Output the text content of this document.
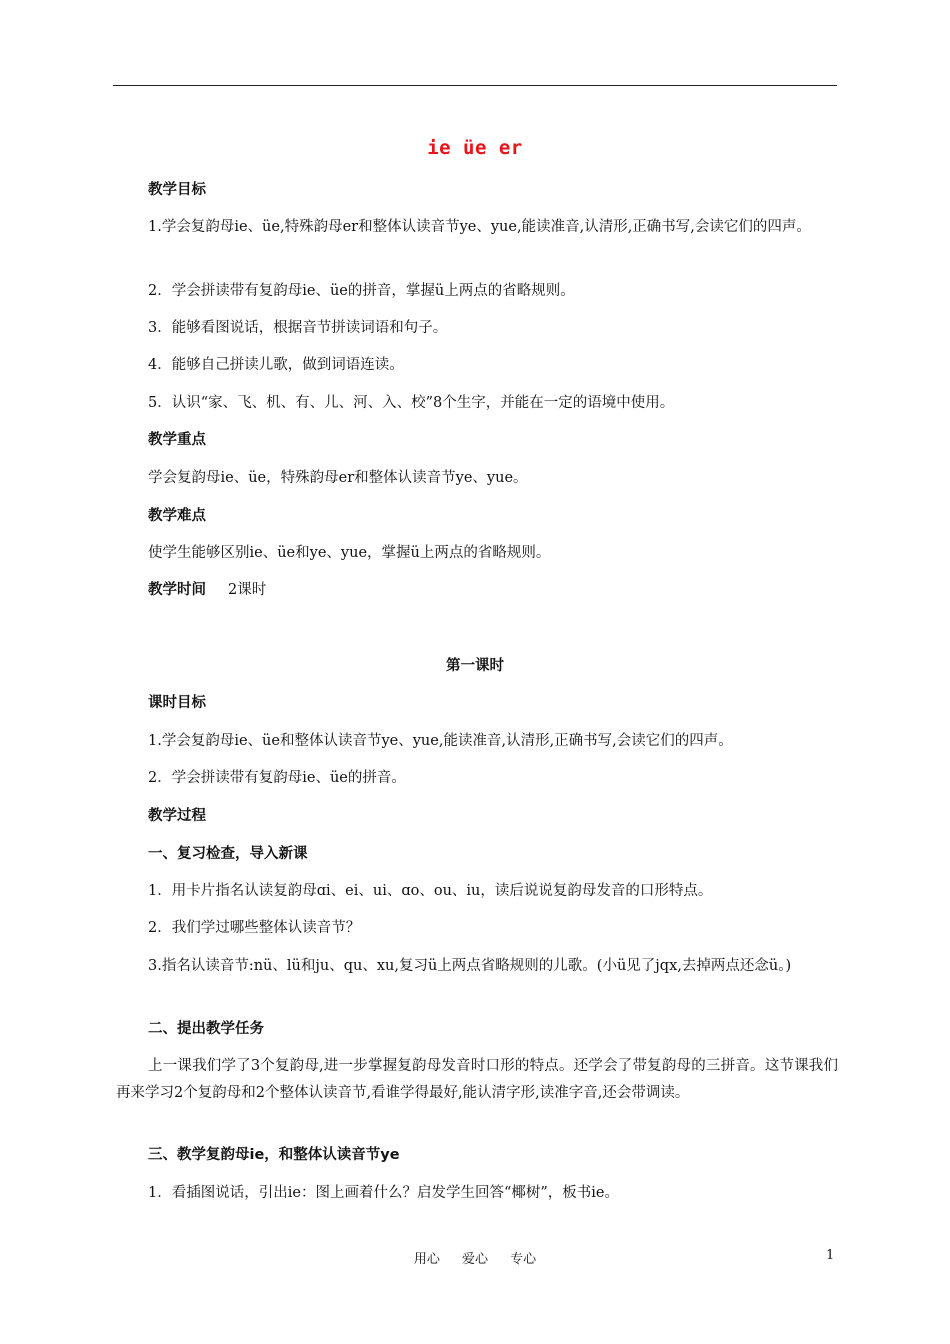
ie üe er
教学目标
1.学会复韵母ie、üe,特殊韵母er和整体认读音节ye、yue,能读准音,认清形,正确书写,会读它们的四声。
2．学会拼读带有复韵母ie、üe的拼音，掌握ü上两点的省略规则。
3．能够看图说话，根据音节拼读词语和句子。
4．能够自己拼读儿歌，做到词语连读。
5．认识“家、飞、机、有、儿、河、入、校”8个生字，并能在一定的语境中使用。
教学重点
学会复韵母ie、üe，特殊韵母er和整体认读音节ye、yue。
教学难点
使学生能够区别ie、üe和ye、yue，掌握ü上两点的省略规则。
教学时间 2课时
第一课时
课时目标
1.学会复韵母ie、üe和整体认读音节ye、yue,能读准音,认清形,正确书写,会读它们的四声。
2．学会拼读带有复韵母ie、üe的拼音。
教学过程
一、复习检查，导入新课
1．用卡片指名认读复韵母ɑi、ei、ui、ɑo、ou、iu，读后说说复韵母发音的口形特点。
2．我们学过哪些整体认读音节？
3.指名认读音节:nü、lü和ju、qu、xu,复习ü上两点省略规则的儿歌。(小ü见了jqx,去掉两点还念ü。)
二、提出教学任务
上一课我们学了3个复韵母,进一步掌握复韵母发音时口形的特点。还学会了带复韵母的三拼音。这节课我们再来学习2个复韵母和2个整体认读音节,看谁学得最好,能认清字形,读准字音,还会带调读。
三、教学复韵母ie，和整体认读音节ye
1．看插图说话，引出ie：图上画着什么？启发学生回答“椰树”，板书ie。
用心 爱心 专心	1
